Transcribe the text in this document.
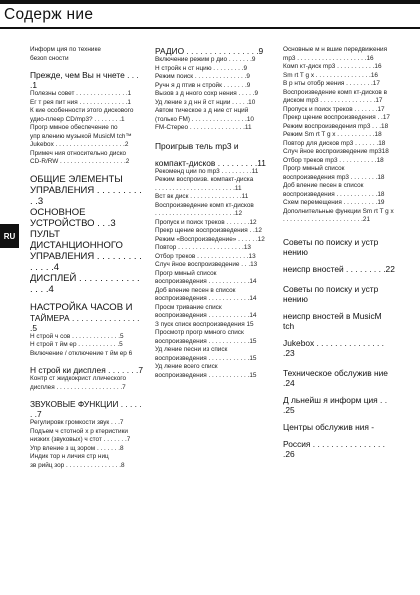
Содерж ние
RU
Информ ция по технике
безоп сности
Прежде, чем Вы н чнете . . . .1
Полезны совет . . . . . . . . . . . . . . .1
Ег т рея пит ния . . . . . . . . . . . . . .1
К кие особенности этого дискового
удио-плеер CD/mp3? . . . . . . . .1
Прогр ммное обеспечение по
упр влению музыкой MusicM tch™
Jukebox . . . . . . . . . . . . . . . . . . . .2
Примеч ния относительно диско
CD-R/RW . . . . . . . . . . . . . . . . . . .2
ОБЩИЕ ЭЛЕМЕНТЫ
УПРАВЛЕНИЯ . . . . . . . . . . .3
ОСНОВНОЕ УСТРОЙСТВО . . .3
ПУЛЬТ ДИСТАНЦИОННОГО
УПРАВЛЕНИЯ . . . . . . . . . . . . . .4
ДИСПЛЕЙ . . . . . . . . . . . . . . . .4
НАСТРОЙКА ЧАСОВ И
ТАЙМЕРА . . . . . . . . . . . . . . . .5
Н строй ч сов . . . . . . . . . . . . . .5
Н строй т йм ер . . . . . . . . . . . .5
Включение / отключение т йм ер 6
Н строй ки дисплея . . . . . . .7
Контр ст жидкокрист ллического
дисплея . . . . . . . . . . . . . . . . . . .7
ЗВУКОВЫЕ ФУНКЦИИ . . . . . . .7
Регулировк громкости звук . . .7
Подъем ч стотной х р ктеристики
низких (звуковых) ч стот . . . . . . .7
Упр вление з щ зором . . . . . . .8
Индик тор н личия стр ниц
зв рийц зор . . . . . . . . . . . . . . . .8
РАДИО . . . . . . . . . . . . . . . .9
Включение режим р дио . . . . . . .9
Н стройк н ст нцию . . . . . . . . .9
Режим поиск . . . . . . . . . . . . . . .9
Ручн я д птив н стройк . . . . . . .9
Вызов з д нного сохр нения . . . . .9
Уд ление з д нн й ст нции . . . . .10
Автом тическое з д ние ст нций
(только FM) . . . . . . . . . . . . . . . .10
FM-Стерео . . . . . . . . . . . . . . . .11
Проигрыв тель mp3 и
компакт-дисков . . . . . . . . .11
Рекоменд ции по mp3 . . . . . . . . .11
Режим воспроизв. компакт-диска
. . . . . . . . . . . . . . . . . . . . . . .11
Вст вк диск . . . . . . . . . . . . . . .11
Воспроизведение комп кт-дисков
. . . . . . . . . . . . . . . . . . . . . . .12
Пропуск и поиск треков . . . . . . .12
Прекр щение воспроизведения . .12
Режим «Воспроизведение» . . . . . .12
Повтор . . . . . . . . . . . . . . . . . . .13
Отбор треков . . . . . . . . . . . . . . .13
Случ йное воспроизведение . . .13
Прогр ммный список
воспроизведения . . . . . . . . . . . .14
Доб вление песен в список
воспроизведения . . . . . . . . . . . .14
Просм тривание списк
воспроизведения . . . . . . . . . . . .14
З пуск списк воспроизведения 15
Просмотр прогр ммного списк
воспроизведения . . . . . . . . . . . .15
Уд ление песни из списк
воспроизведения . . . . . . . . . . . .15
Уд ление всего списк
воспроизведения . . . . . . . . . . . .15
Основные м н вшие передвижения
mp3 . . . . . . . . . . . . . . . . . . . .16
Комп кт-диск mp3 . . . . . . . . . . .16
Sm rt T g x . . . . . . . . . . . . . . . .16
В р нты отобр жения . . . . . . . .17
Воспроизведение комп кт-дисков в
диском mp3 . . . . . . . . . . . . . . . .17
Пропуск и поиск треков . . . . . . .17
Прекр щение воспроизведения . .17
Режим воспроизведения mp3 . . .18
Режим Sm rt T g x . . . . . . . . . . .18
Повтор для дисков mp3 . . . . . . .18
Случ йное воспроизведение mp318
Отбор треков mp3 . . . . . . . . . . .18
Прогр ммный список
воспроизведения mp3 . . . . . . . .18
Доб вление песен в список
воспроизведения . . . . . . . . . . . .18
Схем перемещения . . . . . . . . . .19
Дополнительные функции Sm rt T g x
. . . . . . . . . . . . . . . . . . . . . . .21
Советы по поиску и устр нению
неиспр вностей . . . . . . . . .22
Советы по поиску и устр нению
неиспр вностей в MusicM tch
Jukebox . . . . . . . . . . . . . . . .23
Техническое обслужив ние .24
Д льнейш я информ ция . . .25
Центры обслужив ния -
Россия . . . . . . . . . . . . . . . . .26
